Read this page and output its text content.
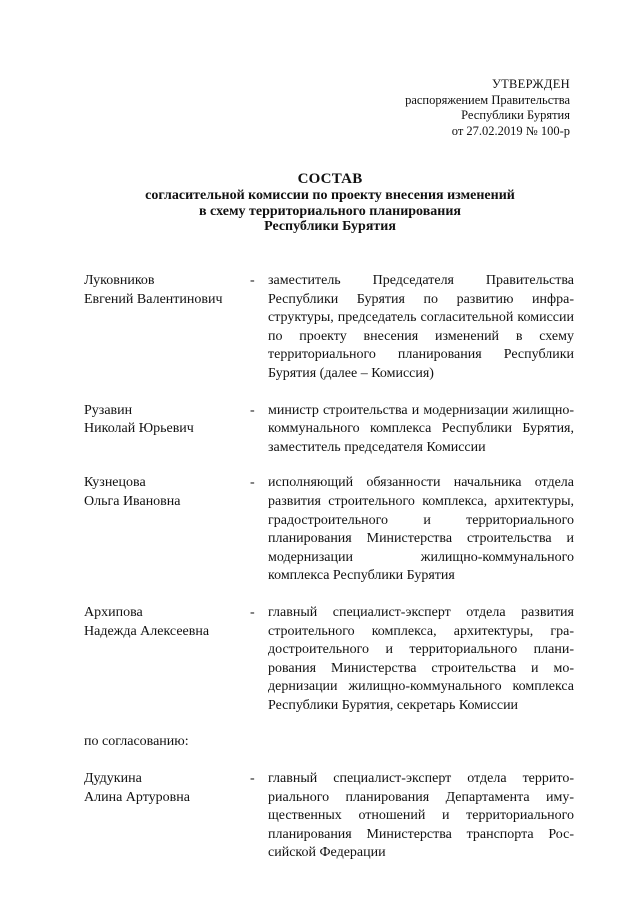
УТВЕРЖДЕН
распоряжением Правительства
Республики Бурятия
от 27.02.2019 № 100-р
СОСТАВ
согласительной комиссии по проекту внесения изменений
в схему территориального планирования
Республики Бурятия
Луковников
Евгений Валентинович
- заместитель Председателя Правительства Республики Бурятия по развитию инфраструктуры, председатель согласительной комиссии по проекту внесения изменений в схему территориального планирования Республики Бурятия (далее – Комиссия)
Рузавин
Николай Юрьевич
- министр строительства и модернизации жилищно-коммунального комплекса Республики Бурятия, заместитель председателя Комиссии
Кузнецова
Ольга Ивановна
- исполняющий обязанности начальника отдела развития строительного комплекса, архитектуры, градостроительного и территориального планирования Министерства строительства и модернизации жилищно-коммунального комплекса Республики Бурятия
Архипова
Надежда Алексеевна
- главный специалист-эксперт отдела развития строительного комплекса, архитектуры, градостроительного и территориального планирования Министерства строительства и модернизации жилищно-коммунального комплекса Республики Бурятия, секретарь Комиссии
по согласованию:
Дудукина
Алина Артуровна
- главный специалист-эксперт отдела территориального планирования Департамента имущественных отношений и территориального планирования Министерства транспорта Российской Федерации
